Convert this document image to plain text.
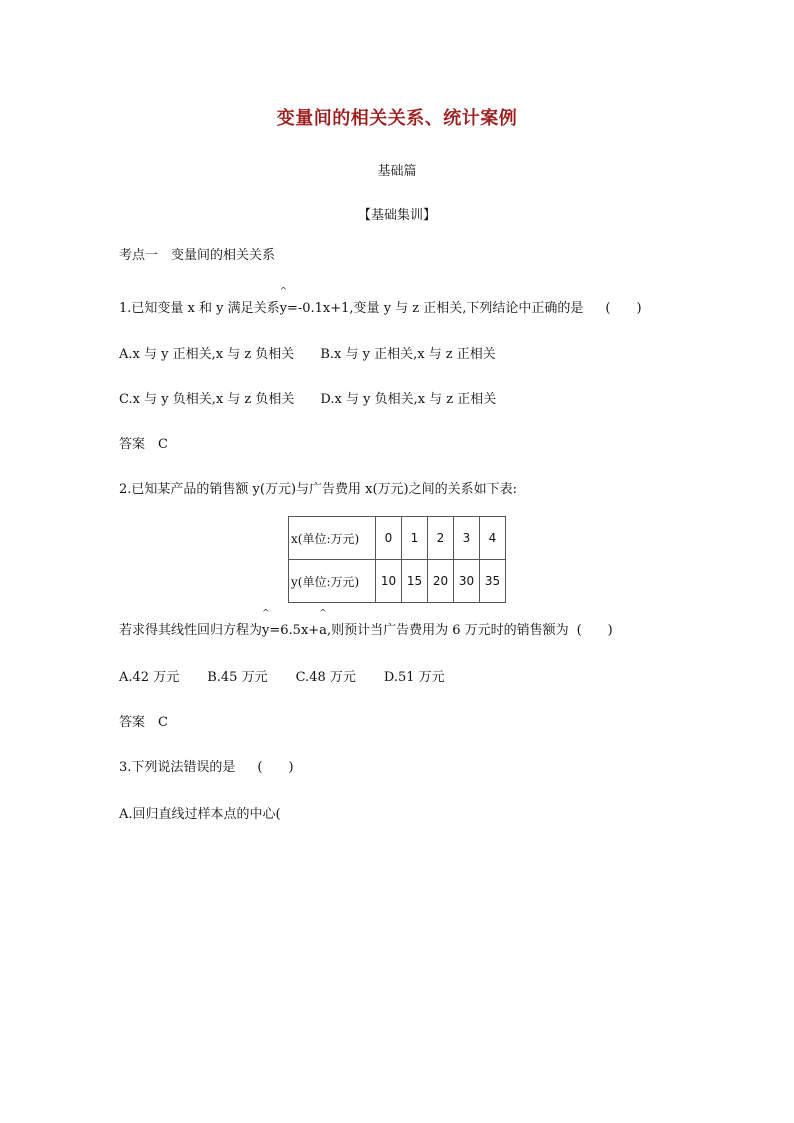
变量间的相关关系、统计案例
基础篇
【基础集训】
考点一　变量间的相关关系
1.已知变量 x 和 y 满足关系^ y=-0.1x+1,变量 y 与 z 正相关,下列结论中正确的是 (　　)
A.x 与 y 正相关,x 与 z 负相关 B.x 与 y 正相关,x 与 z 正相关
C.x 与 y 负相关,x 与 z 负相关 D.x 与 y 负相关,x 与 z 正相关
答案　C
2.已知某产品的销售额 y(万元)与广告费用 x(万元)之间的关系如下表:
x(单位:万元)	0	1	2	3	4
y(单位:万元)	10	15	20	30	35
若求得其线性回归方程为^ y=6.5x+^ a,则预计当广告费用为 6 万元时的销售额为 (　　)
A.42 万元 B.45 万元 C.48 万元 D.51 万元
答案　C
3.下列说法错误的是 (　　)
A.回归直线过样本点的中心(
